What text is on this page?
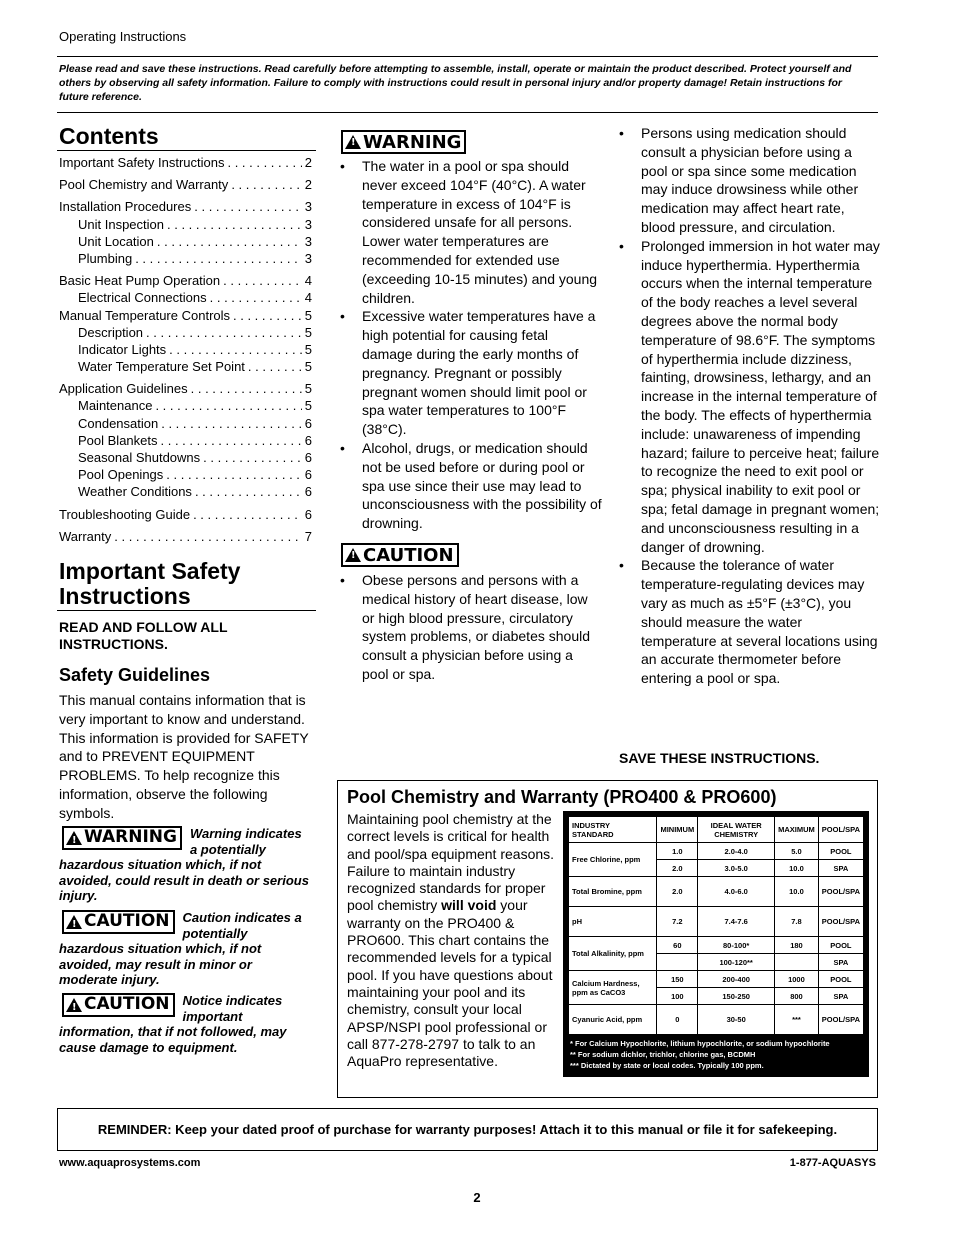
Operating Instructions
Please read and save these instructions. Read carefully before attempting to assemble, install, operate or maintain the product described. Protect yourself and others by observing all safety information. Failure to comply with instructions could result in personal injury and/or property damage! Retain instructions for future reference.
Contents
Important Safety Instructions . . .	2
Pool Chemistry and Warranty . . .	2
Installation Procedures . . .	3
Unit Inspection . . .	3
Unit Location . . .	3
Plumbing . . .	3
Basic Heat Pump Operation . . .	4
Electrical Connections . . .	4
Manual Temperature Controls . . .	5
Description . . .	5
Indicator Lights . . .	5
Water Temperature Set Point . . .	5
Application Guidelines . . .	5
Maintenance . . .	5
Condensation . . .	6
Pool Blankets . . .	6
Seasonal Shutdowns . . .	6
Pool Openings . . .	6
Weather Conditions . . .	6
Troubleshooting Guide . . .	6
Warranty . . .	7
Important Safety
Instructions
READ AND FOLLOW ALL
INSTRUCTIONS.
Safety Guidelines
This manual contains information that is very important to know and understand. This information is provided for SAFETY and to PREVENT EQUIPMENT PROBLEMS. To help recognize this information, observe the following symbols.
!
WARNING Warning indicates a potentially hazardous situation which, if not avoided, could result in death or serious injury.
!
CAUTION Caution indicates a potentially hazardous situation which, if not avoided, may result in minor or moderate injury.
!
CAUTION Notice indicates important information, that if not followed, may cause damage to equipment.
!
WARNING
• The water in a pool or spa should never exceed 104°F (40°C). A water temperature in excess of 104°F is considered unsafe for all persons. Lower water temperatures are recommended for extended use (exceeding 10-15 minutes) and young children.
• Excessive water temperatures have a high potential for causing fetal damage during the early months of pregnancy. Pregnant or possibly pregnant women should limit pool or spa water temperatures to 100°F (38°C).
• Alcohol, drugs, or medication should not be used before or during pool or spa use since their use may lead to unconsciousness with the possibility of drowning.
!
CAUTION
• Obese persons and persons with a medical history of heart disease, low or high blood pressure, circulatory system problems, or diabetes should consult a physician before using a pool or spa.
• Persons using medication should consult a physician before using a pool or spa since some medication may induce drowsiness while other medication may affect heart rate, blood pressure, and circulation.
• Prolonged immersion in hot water may induce hyperthermia. Hyperthermia occurs when the internal temperature of the body reaches a level several degrees above the normal body temperature of 98.6°F. The symptoms of hyperthermia include dizziness, fainting, drowsiness, lethargy, and an increase in the internal temperature of the body. The effects of hyperthermia include: unawareness of impending hazard; failure to perceive heat; failure to recognize the need to exit pool or spa; physical inability to exit pool or spa; fetal damage in pregnant women; and unconsciousness resulting in a danger of drowning.
• Because the tolerance of water temperature-regulating devices may vary as much as ±5°F (±3°C), you should measure the water temperature at several locations using an accurate thermometer before entering a pool or spa.
SAVE THESE INSTRUCTIONS.
Pool Chemistry and Warranty (PRO400 & PRO600)
Maintaining pool chemistry at the correct levels is critical for health and pool/spa equipment reasons. Failure to maintain industry recognized standards for proper pool chemistry will void your warranty on the PRO400 & PRO600. This chart contains the recommended levels for a typical pool. If you have questions about maintaining your pool and its chemistry, consult your local APSP/NSPI pool professional or call 877-278-2797 to talk to an AquaPro representative.
INDUSTRY STANDARD	MINIMUM	IDEAL WATER CHEMISTRY	MAXIMUM	POOL/SPA
Free Chlorine, ppm	1.0	2.0-4.0	5.0	POOL
	2.0	3.0-5.0	10.0	SPA
Total Bromine, ppm	2.0	4.0-6.0	10.0	POOL/SPA
pH	7.2	7.4-7.6	7.8	POOL/SPA
Total Alkalinity, ppm	60	80-100*	180	POOL
		100-120**		SPA
Calcium Hardness, ppm as CaCO3	150	200-400	1000	POOL
	100	150-250	800	SPA
Cyanuric Acid, ppm	0	30-50	***	POOL/SPA
* For Calcium Hypochlorite, lithium hypochlorite, or sodium hypochlorite
** For sodium dichlor, trichlor, chlorine gas, BCDMH
*** Dictated by state or local codes. Typically 100 ppm.
REMINDER: Keep your dated proof of purchase for warranty purposes! Attach it to this manual or file it for safekeeping.
www.aquaprosystems.com	1-877-AQUASYS
2
